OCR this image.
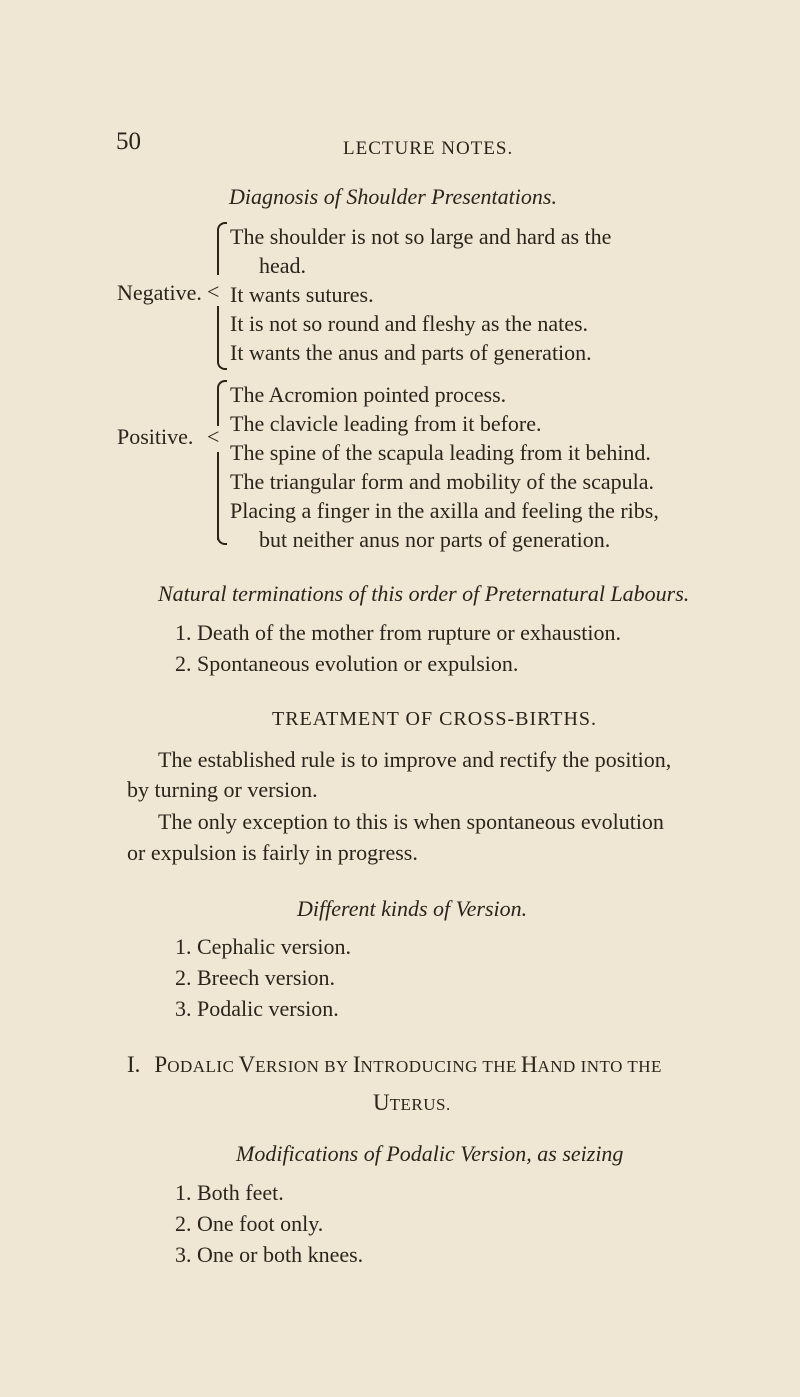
50	LECTURE NOTES.
Diagnosis of Shoulder Presentations.
Negative. <
The shoulder is not so large and hard as the
head.
It wants sutures.
It is not so round and fleshy as the nates.
It wants the anus and parts of generation.
Positive. <
The Acromion pointed process.
The clavicle leading from it before.
The spine of the scapula leading from it behind.
The triangular form and mobility of the scapula.
Placing a finger in the axilla and feeling the ribs,
but neither anus nor parts of generation.
Natural terminations of this order of Preternatural Labours.
1. Death of the mother from rupture or exhaustion.
2. Spontaneous evolution or expulsion.
TREATMENT OF CROSS-BIRTHS.
The established rule is to improve and rectify the position,
by turning or version.
The only exception to this is when spontaneous evolution
or expulsion is fairly in progress.
Different kinds of Version.
1. Cephalic version.
2. Breech version.
3. Podalic version.
I. PODALIC VERSION BY INTRODUCING THE HAND INTO THE
UTERUS.
Modifications of Podalic Version, as seizing
1. Both feet.
2. One foot only.
3. One or both knees.
